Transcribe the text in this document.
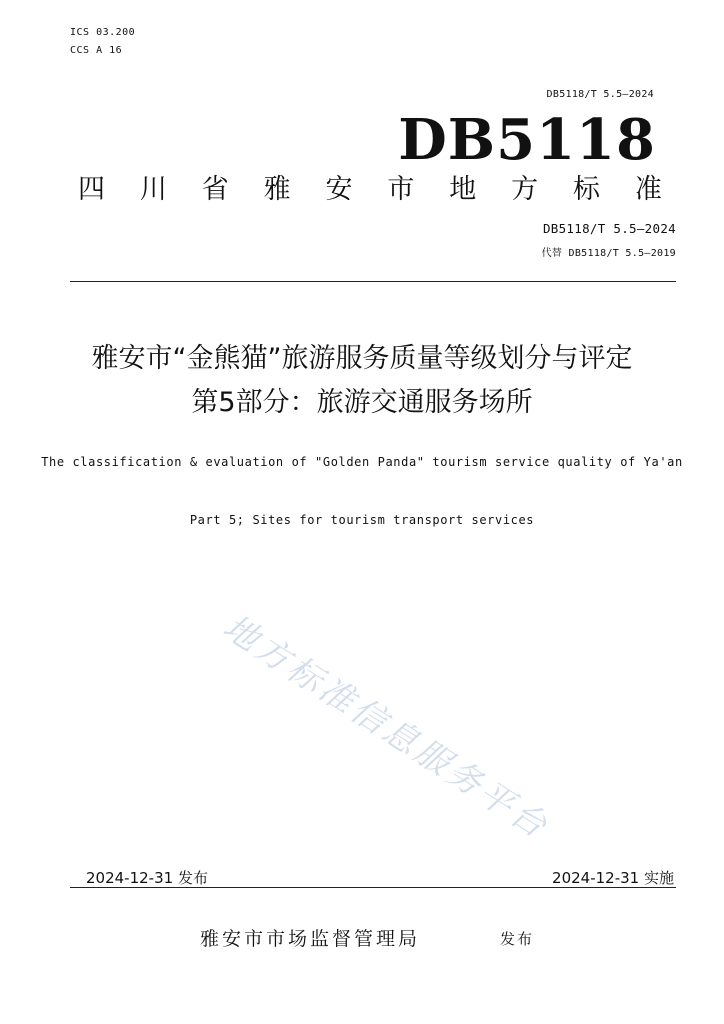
ICS 03.200
CCS A 16
DB5118/T 5.5—2024
DB5118
四 川 省 雅 安 市 地 方 标 准
DB5118/T 5.5—2024
代替 DB5118/T 5.5—2019
雅安市“金熊猫”旅游服务质量等级划分与评定
第5部分：旅游交通服务场所
The classification & evaluation of "Golden Panda" tourism service quality of Ya'an
Part 5; Sites for tourism transport services
地方标准信息服务平台
2024-12-31 发布	2024-12-31 实施
雅安市市场监督管理局	发布
